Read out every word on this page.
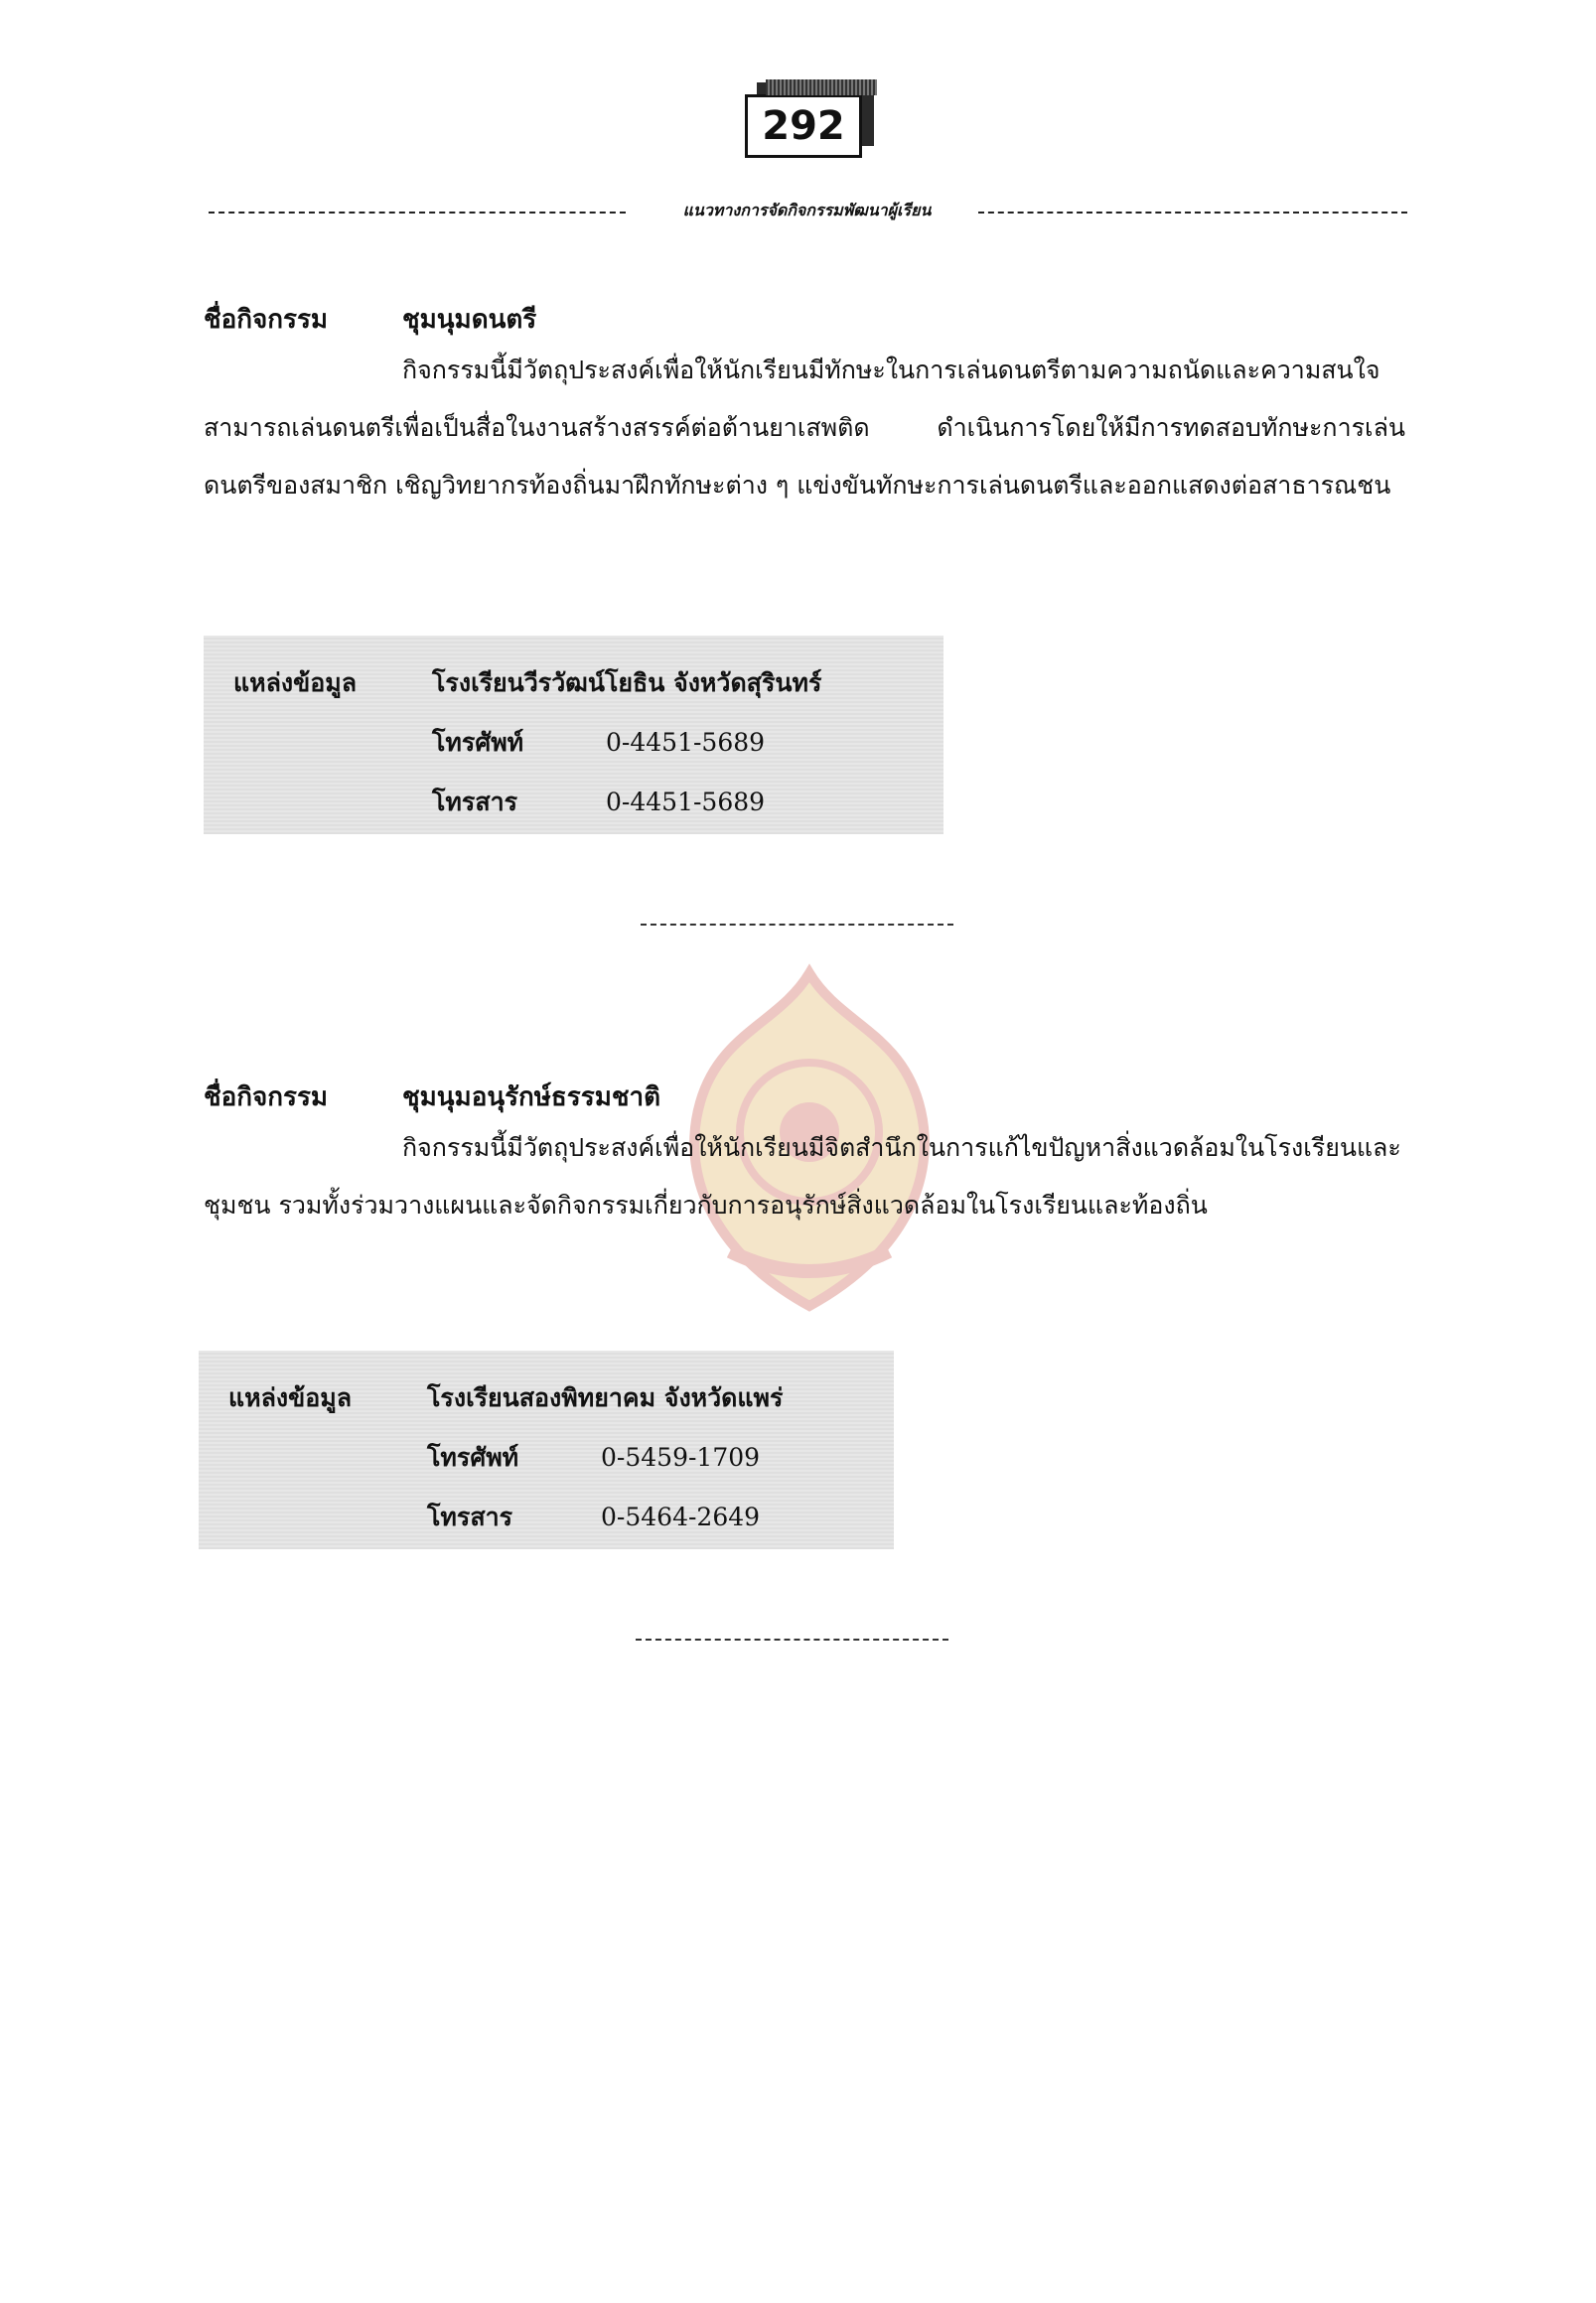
292
แนวทางการจัดกิจกรรมพัฒนาผู้เรียน
ชื่อกิจกรรม	ชุมนุมดนตรี
กิจกรรมนี้มีวัตถุประสงค์เพื่อให้นักเรียนมีทักษะในการเล่นดนตรีตามความถนัดและความสนใจ สามารถเล่นดนตรีเพื่อเป็นสื่อในงานสร้างสรรค์ต่อต้านยาเสพติด ดำเนินการโดยให้มีการทดสอบทักษะการเล่นดนตรีของสมาชิก เชิญวิทยากรท้องถิ่นมาฝึกทักษะต่าง ๆ แข่งขันทักษะการเล่นดนตรีและออกแสดงต่อสาธารณชน
แหล่งข้อมูล	โรงเรียนวีรวัฒน์โยธิน จังหวัดสุรินทร์
โทรศัพท์	0-4451-5689
โทรสาร	0-4451-5689
ชื่อกิจกรรม	ชุมนุมอนุรักษ์ธรรมชาติ
กิจกรรมนี้มีวัตถุประสงค์เพื่อให้นักเรียนมีจิตสำนึกในการแก้ไขปัญหาสิ่งแวดล้อมในโรงเรียนและชุมชน รวมทั้งร่วมวางแผนและจัดกิจกรรมเกี่ยวกับการอนุรักษ์สิ่งแวดล้อมในโรงเรียนและท้องถิ่น
แหล่งข้อมูล	โรงเรียนสองพิทยาคม จังหวัดแพร่
โทรศัพท์	0-5459-1709
โทรสาร	0-5464-2649
